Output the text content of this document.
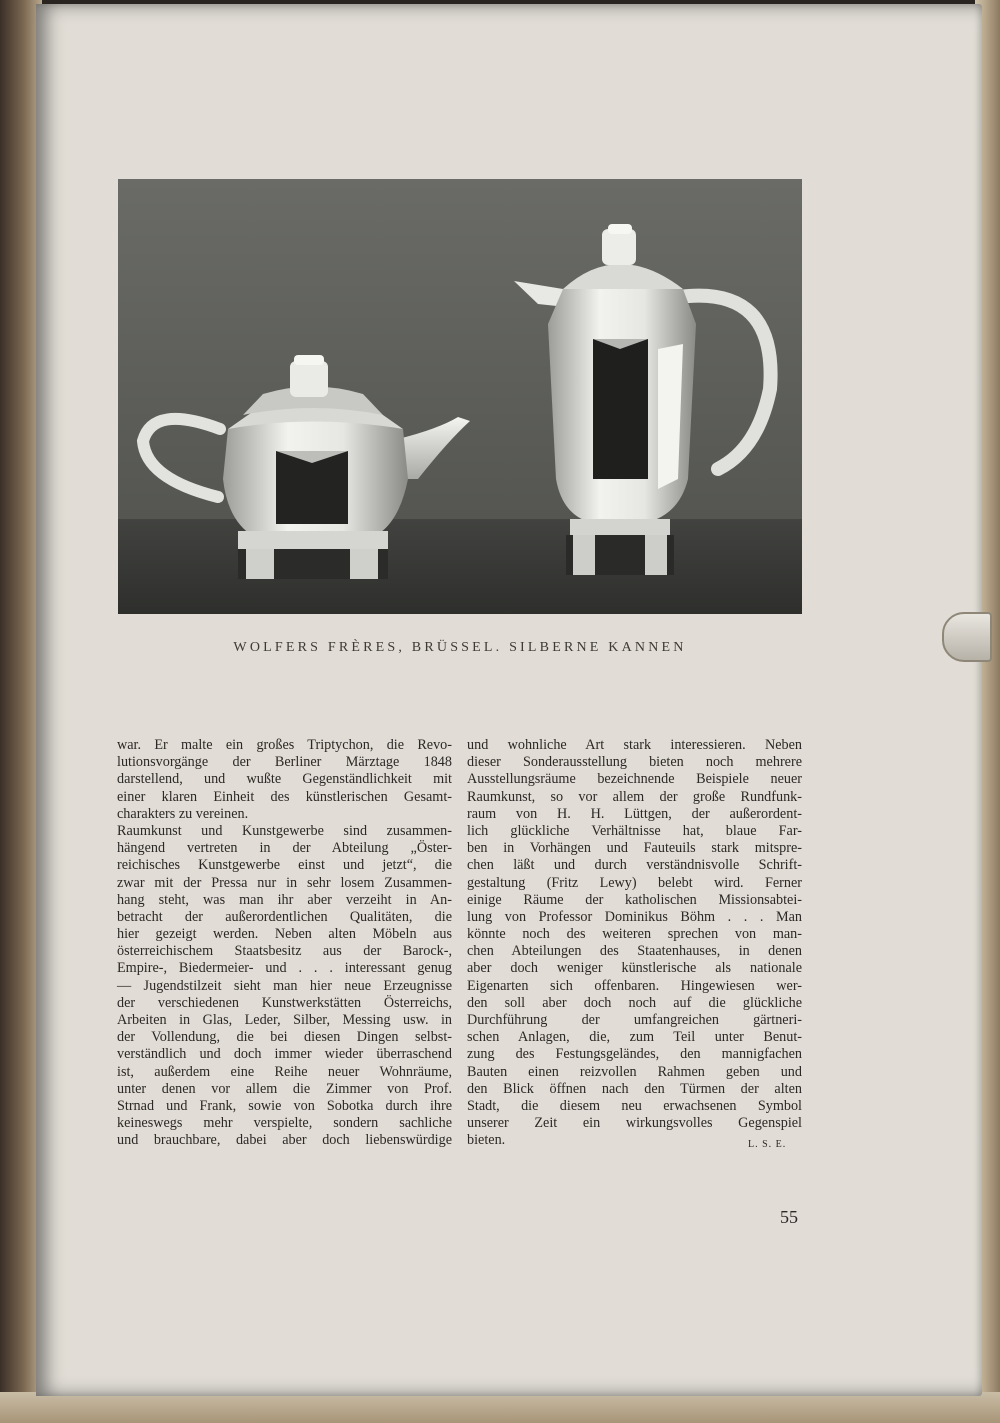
WOLFERS FRÈRES, BRÜSSEL. SILBERNE KANNEN
war. Er malte ein großes Triptychon, die Revo-
lutionsvorgänge der Berliner Märztage 1848
darstellend, und wußte Gegenständlichkeit mit
einer klaren Einheit des künstlerischen Gesamt-
charakters zu vereinen.
Raumkunst und Kunstgewerbe sind zusammen-
hängend vertreten in der Abteilung „Öster-
reichisches Kunstgewerbe einst und jetzt“, die
zwar mit der Pressa nur in sehr losem Zusammen-
hang steht, was man ihr aber verzeiht in An-
betracht der außerordentlichen Qualitäten, die
hier gezeigt werden. Neben alten Möbeln aus
österreichischem Staatsbesitz aus der Barock-,
Empire-, Biedermeier- und . . . interessant genug
— Jugendstilzeit sieht man hier neue Erzeugnisse
der verschiedenen Kunstwerkstätten Österreichs,
Arbeiten in Glas, Leder, Silber, Messing usw. in
der Vollendung, die bei diesen Dingen selbst-
verständlich und doch immer wieder überraschend
ist, außerdem eine Reihe neuer Wohnräume,
unter denen vor allem die Zimmer von Prof.
Strnad und Frank, sowie von Sobotka durch ihre
keineswegs mehr verspielte, sondern sachliche
und brauchbare, dabei aber doch liebenswürdige
und wohnliche Art stark interessieren. Neben
dieser Sonderausstellung bieten noch mehrere
Ausstellungsräume bezeichnende Beispiele neuer
Raumkunst, so vor allem der große Rundfunk-
raum von H. H. Lüttgen, der außerordent-
lich glückliche Verhältnisse hat, blaue Far-
ben in Vorhängen und Fauteuils stark mitspre-
chen läßt und durch verständnisvolle Schrift-
gestaltung (Fritz Lewy) belebt wird. Ferner
einige Räume der katholischen Missionsabtei-
lung von Professor Dominikus Böhm . . . Man
könnte noch des weiteren sprechen von man-
chen Abteilungen des Staatenhauses, in denen
aber doch weniger künstlerische als nationale
Eigenarten sich offenbaren. Hingewiesen wer-
den soll aber doch noch auf die glückliche
Durchführung der umfangreichen gärtneri-
schen Anlagen, die, zum Teil unter Benut-
zung des Festungsgeländes, den mannigfachen
Bauten einen reizvollen Rahmen geben und
den Blick öffnen nach den Türmen der alten
Stadt, die diesem neu erwachsenen Symbol
unserer Zeit ein wirkungsvolles Gegenspiel
bieten.	L. S. E.
55
